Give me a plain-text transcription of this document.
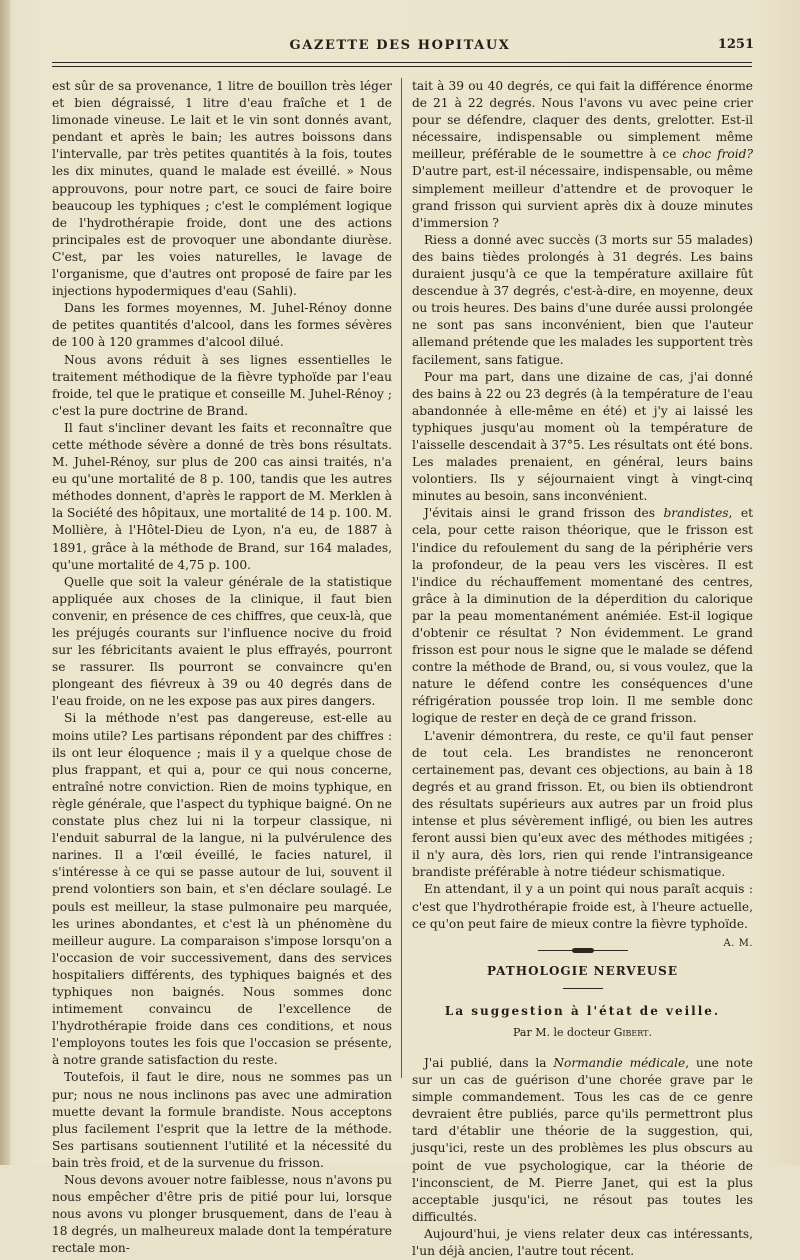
GAZETTE DES HOPITAUX	1251

est sûr de sa provenance, 1 litre de bouillon très léger et bien dégraissé, 1 litre d'eau fraîche et 1 de limonade vineuse. Le lait et le vin sont donnés avant, pendant et après le bain; les autres boissons dans l'intervalle, par très petites quantités à la fois, toutes les dix minutes, quand le malade est éveillé. » Nous approuvons, pour notre part, ce souci de faire boire beaucoup les typhiques ; c'est le complément logique de l'hydrothérapie froide, dont une des actions principales est de provoquer une abondante diurèse. C'est, par les voies naturelles, le lavage de l'organisme, que d'autres ont proposé de faire par les injections hypodermiques d'eau (Sahli).

Dans les formes moyennes, M. Juhel-Rénoy donne de petites quantités d'alcool, dans les formes sévères de 100 à 120 grammes d'alcool dilué.

Nous avons réduit à ses lignes essentielles le traitement méthodique de la fièvre typhoïde par l'eau froide, tel que le pratique et conseille M. Juhel-Rénoy ; c'est la pure doctrine de Brand.

Il faut s'incliner devant les faits et reconnaître que cette méthode sévère a donné de très bons résultats. M. Juhel-Rénoy, sur plus de 200 cas ainsi traités, n'a eu qu'une mortalité de 8 p. 100, tandis que les autres méthodes donnent, d'après le rapport de M. Merklen à la Société des hôpitaux, une mortalité de 14 p. 100. M. Mollière, à l'Hôtel-Dieu de Lyon, n'a eu, de 1887 à 1891, grâce à la méthode de Brand, sur 164 malades, qu'une mortalité de 4,75 p. 100.

Quelle que soit la valeur générale de la statistique appliquée aux choses de la clinique, il faut bien convenir, en présence de ces chiffres, que ceux-là, que les préjugés courants sur l'influence nocive du froid sur les fébricitants avaient le plus effrayés, pourront se rassurer. Ils pourront se convaincre qu'en plongeant des fiévreux à 39 ou 40 degrés dans de l'eau froide, on ne les expose pas aux pires dangers.

Si la méthode n'est pas dangereuse, est-elle au moins utile? Les partisans répondent par des chiffres : ils ont leur éloquence ; mais il y a quelque chose de plus frappant, et qui a, pour ce qui nous concerne, entraîné notre conviction. Rien de moins typhique, en règle générale, que l'aspect du typhique baigné. On ne constate plus chez lui ni la torpeur classique, ni l'enduit saburral de la langue, ni la pulvérulence des narines. Il a l'œil éveillé, le facies naturel, il s'intéresse à ce qui se passe autour de lui, souvent il prend volontiers son bain, et s'en déclare soulagé. Le pouls est meilleur, la stase pulmonaire peu marquée, les urines abondantes, et c'est là un phénomène du meilleur augure. La comparaison s'impose lorsqu'on a l'occasion de voir successivement, dans des services hospitaliers différents, des typhiques baignés et des typhiques non baignés. Nous sommes donc intimement convaincu de l'excellence de l'hydrothérapie froide dans ces conditions, et nous l'employons toutes les fois que l'occasion se présente, à notre grande satisfaction du reste.

Toutefois, il faut le dire, nous ne sommes pas un pur; nous ne nous inclinons pas avec une admiration muette devant la formule brandiste. Nous acceptons plus facilement l'esprit que la lettre de la méthode. Ses partisans soutiennent l'utilité et la nécessité du bain très froid, et de la survenue du frisson.

Nous devons avouer notre faiblesse, nous n'avons pu nous empêcher d'être pris de pitié pour lui, lorsque nous avons vu plonger brusquement, dans de l'eau à 18 degrés, un malheureux malade dont la température rectale mon-

tait à 39 ou 40 degrés, ce qui fait la différence énorme de 21 à 22 degrés. Nous l'avons vu avec peine crier pour se défendre, claquer des dents, grelotter. Est-il nécessaire, indispensable ou simplement même meilleur, préférable de le soumettre à ce choc froid? D'autre part, est-il nécessaire, indispensable, ou même simplement meilleur d'attendre et de provoquer le grand frisson qui survient après dix à douze minutes d'immersion ?

Riess a donné avec succès (3 morts sur 55 malades) des bains tièdes prolongés à 31 degrés. Les bains duraient jusqu'à ce que la température axillaire fût descendue à 37 degrés, c'est-à-dire, en moyenne, deux ou trois heures. Des bains d'une durée aussi prolongée ne sont pas sans inconvénient, bien que l'auteur allemand prétende que les malades les supportent très facilement, sans fatigue.

Pour ma part, dans une dizaine de cas, j'ai donné des bains à 22 ou 23 degrés (à la température de l'eau abandonnée à elle-même en été) et j'y ai laissé les typhiques jusqu'au moment où la température de l'aisselle descendait à 37°5. Les résultats ont été bons. Les malades prenaient, en général, leurs bains volontiers. Ils y séjournaient vingt à vingt-cinq minutes au besoin, sans inconvénient.

J'évitais ainsi le grand frisson des brandistes, et cela, pour cette raison théorique, que le frisson est l'indice du refoulement du sang de la périphérie vers la profondeur, de la peau vers les viscères. Il est l'indice du réchauffement momentané des centres, grâce à la diminution de la déperdition du calorique par la peau momentanément anémiée. Est-il logique d'obtenir ce résultat ? Non évidemment. Le grand frisson est pour nous le signe que le malade se défend contre la méthode de Brand, ou, si vous voulez, que la nature le défend contre les conséquences d'une réfrigération poussée trop loin. Il me semble donc logique de rester en deçà de ce grand frisson.

L'avenir démontrera, du reste, ce qu'il faut penser de tout cela. Les brandistes ne renonceront certainement pas, devant ces objections, au bain à 18 degrés et au grand frisson. Et, ou bien ils obtiendront des résultats supérieurs aux autres par un froid plus intense et plus sévèrement infligé, ou bien les autres feront aussi bien qu'eux avec des méthodes mitigées ; il n'y aura, dès lors, rien qui rende l'intransigeance brandiste préférable à notre tiédeur schismatique.

En attendant, il y a un point qui nous paraît acquis : c'est que l'hydrothérapie froide est, à l'heure actuelle, ce qu'on peut faire de mieux contre la fièvre typhoïde.
A. M.

PATHOLOGIE NERVEUSE
La suggestion à l'état de veille.
Par M. le docteur Gibert.

J'ai publié, dans la Normandie médicale, une note sur un cas de guérison d'une chorée grave par le simple commandement. Tous les cas de ce genre devraient être publiés, parce qu'ils permettront plus tard d'établir une théorie de la suggestion, qui, jusqu'ici, reste un des problèmes les plus obscurs au point de vue psychologique, car la théorie de l'inconscient, de M. Pierre Janet, qui est la plus acceptable jusqu'ici, ne résout pas toutes les difficultés.

Aujourd'hui, je viens relater deux cas intéressants, l'un déjà ancien, l'autre tout récent.
